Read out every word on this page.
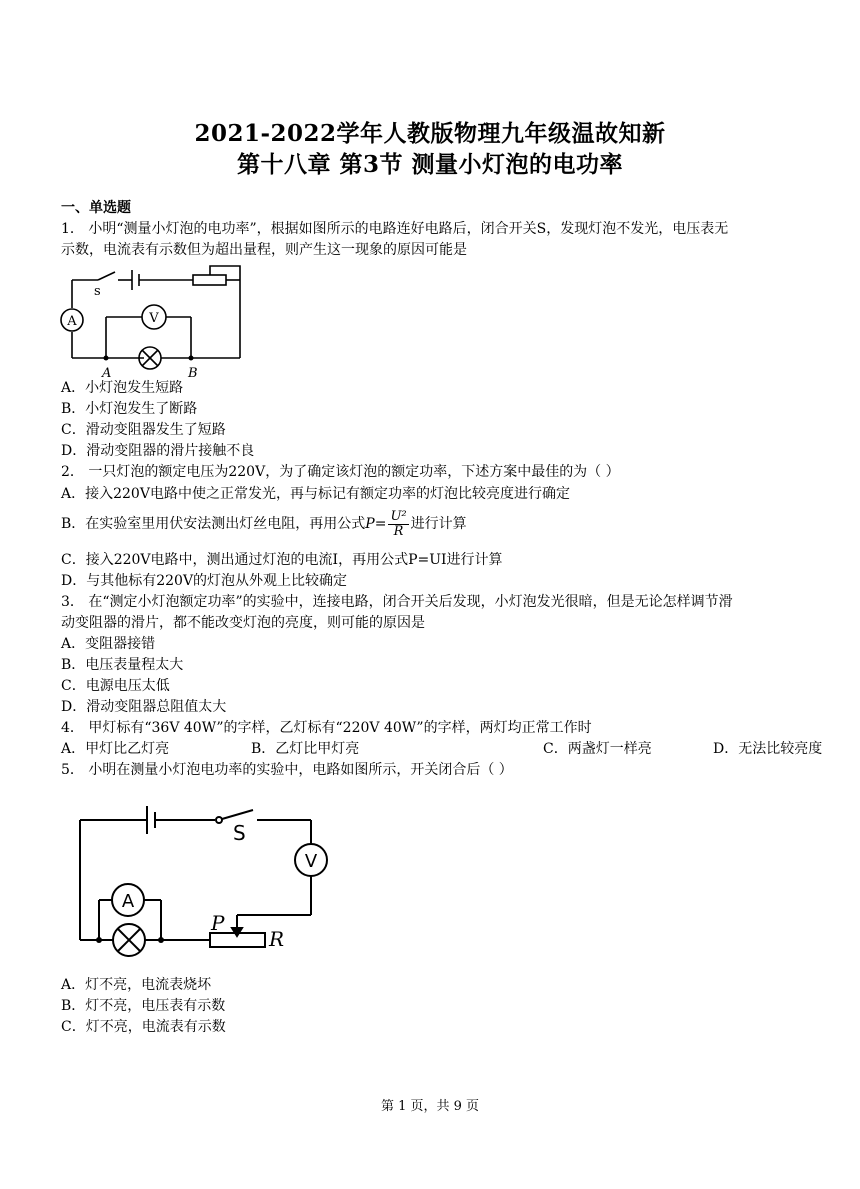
2021-2022学年人教版物理九年级温故知新
第十八章 第3节 测量小灯泡的电功率
一、单选题
1． 小明“测量小灯泡的电功率”，根据如图所示的电路连好电路后，闭合开关S，发现灯泡不发光，电压表无
示数，电流表有示数但为超出量程，则产生这一现象的原因可能是
s
A	V
A	B
A．小灯泡发生短路
B．小灯泡发生了断路
C．滑动变阻器发生了短路
D．滑动变阻器的滑片接触不良
2． 一只灯泡的额定电压为220V，为了确定该灯泡的额定功率，下述方案中最佳的为（ ）
A．接入220V电路中使之正常发光，再与标记有额定功率的灯泡比较亮度进行确定
B．在实验室里用伏安法测出灯丝电阻，再用公式$P= \frac{\text{U²}}{R}$ 进行计算
C．接入220V电路中，测出通过灯泡的电流I，再用公式P=UI进行计算
D．与其他标有220V的灯泡从外观上比较确定
3． 在“测定小灯泡额定功率”的实验中，连接电路，闭合开关后发现，小灯泡发光很暗，但是无论怎样调节滑
动变阻器的滑片，都不能改变灯泡的亮度，则可能的原因是
A．变阻器接错
B．电压表量程太大
C．电源电压太低
D．滑动变阻器总阻值太大
4． 甲灯标有“36V 40W”的字样，乙灯标有“220V 40W”的字样，两灯均正常工作时
A．甲灯比乙灯亮	B．乙灯比甲灯亮	C．两盏灯一样亮	D．无法比较亮度
5． 小明在测量小灯泡电功率的实验中，电路如图所示，开关闭合后（ ）
S
V
A
P
R
A．灯不亮，电流表烧坏
B．灯不亮，电压表有示数
C．灯不亮，电流表有示数
第 1 页，共 9 页
